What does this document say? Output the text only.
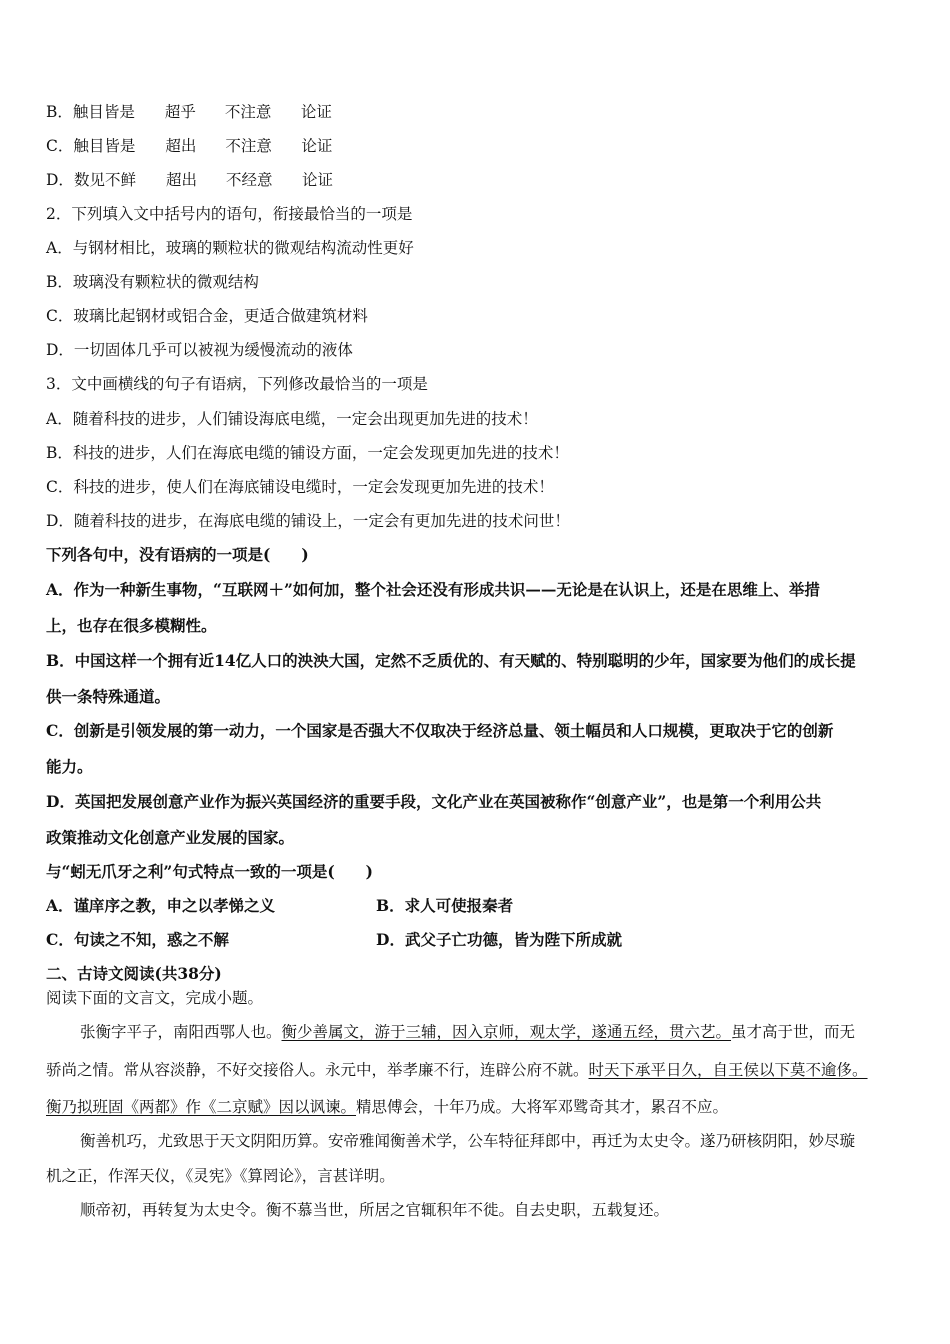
B．触目皆是 超乎 不注意 论证
C．触目皆是 超出 不注意 论证
D．数见不鲜 超出 不经意 论证
2．下列填入文中括号内的语句，衔接最恰当的一项是
A．与钢材相比，玻璃的颗粒状的微观结构流动性更好
B．玻璃没有颗粒状的微观结构
C．玻璃比起钢材或铝合金，更适合做建筑材料
D．一切固体几乎可以被视为缓慢流动的液体
3．文中画横线的句子有语病，下列修改最恰当的一项是
A．随着科技的进步，人们铺设海底电缆，一定会出现更加先进的技术！
B．科技的进步，人们在海底电缆的铺设方面，一定会发现更加先进的技术！
C．科技的进步，使人们在海底铺设电缆时，一定会发现更加先进的技术！
D．随着科技的进步，在海底电缆的铺设上，一定会有更加先进的技术问世！
下列各句中，没有语病的一项是(　　)
A．作为一种新生事物，“互联网＋”如何加，整个社会还没有形成共识——无论是在认识上，还是在思维上、举措
上，也存在很多模糊性。
B．中国这样一个拥有近14亿人口的泱泱大国，定然不乏质优的、有天赋的、特别聪明的少年，国家要为他们的成长提
供一条特殊通道。
C．创新是引领发展的第一动力，一个国家是否强大不仅取决于经济总量、领土幅员和人口规模，更取决于它的创新
能力。
D．英国把发展创意产业作为振兴英国经济的重要手段，文化产业在英国被称作“创意产业”，也是第一个利用公共
政策推动文化创意产业发展的国家。
与“蚓无爪牙之利”句式特点一致的一项是(　　)
A．谨庠序之教，申之以孝悌之义	B．求人可使报秦者
C．句读之不知，惑之不解	D．武父子亡功德，皆为陛下所成就
二、古诗文阅读(共38分)
阅读下面的文言文，完成小题。
张衡字平子，南阳西鄂人也。衡少善属文，游于三辅，因入京师，观太学，遂通五经，贯六艺。虽才高于世，而无
骄尚之情。常从容淡静，不好交接俗人。永元中，举孝廉不行，连辟公府不就。时天下承平日久，自王侯以下莫不逾侈。
衡乃拟班固《两都》作《二京赋》因以讽谏。精思傅会，十年乃成。大将军邓骘奇其才，累召不应。
衡善机巧，尤致思于天文阴阳历算。安帝雅闻衡善术学，公车特征拜郎中，再迁为太史令。遂乃研核阴阳，妙尽璇
机之正，作浑天仪，《灵宪》《算罔论》，言甚详明。
顺帝初，再转复为太史令。衡不慕当世，所居之官辄积年不徙。自去史职，五载复还。
